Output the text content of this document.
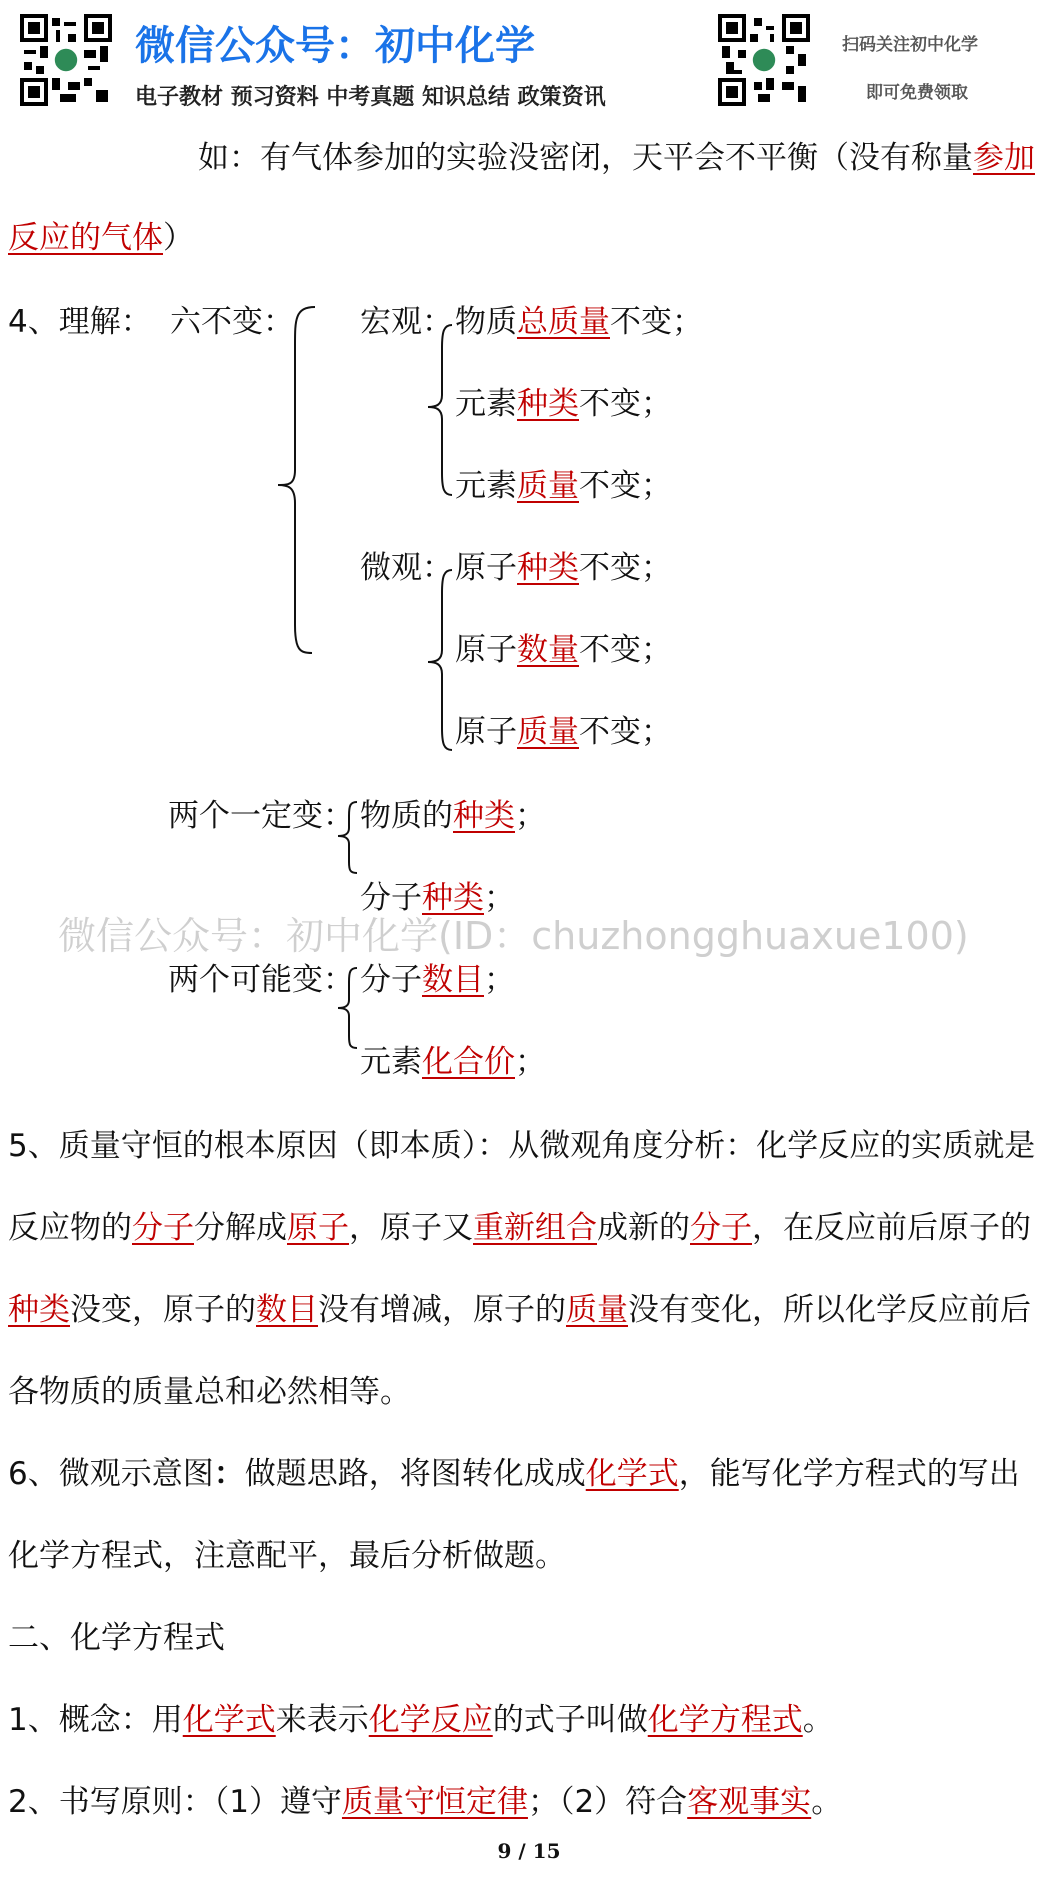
微信公众号：初中化学
电子教材 预习资料 中考真题 知识总结 政策资讯
扫码关注初中化学
即可免费领取
如：有气体参加的实验没密闭，天平会不平衡（没有称量参加
反应的气体）
4、理解： 六不变： 宏观： 物质总质量不变；
元素种类不变；
元素质量不变；
微观： 原子种类不变；
原子数量不变；
原子质量不变；
两个一定变： 物质的种类；
分子种类；
微信公众号：初中化学(ID：chuzhongghuaxue100)
两个可能变： 分子数目；
元素化合价；
5、质量守恒的根本原因（即本质）：从微观角度分析：化学反应的实质就是
反应物的分子分解成原子，原子又重新组合成新的分子，在反应前后原子的
种类没变，原子的数目没有增减，原子的质量没有变化，所以化学反应前后
各物质的质量总和必然相等。
6、微观示意图：做题思路，将图转化成成化学式，能写化学方程式的写出
化学方程式，注意配平，最后分析做题。
二、化学方程式
1、概念：用化学式来表示化学反应的式子叫做化学方程式。
2、书写原则：（1）遵守质量守恒定律；（2）符合客观事实。
9 / 15
